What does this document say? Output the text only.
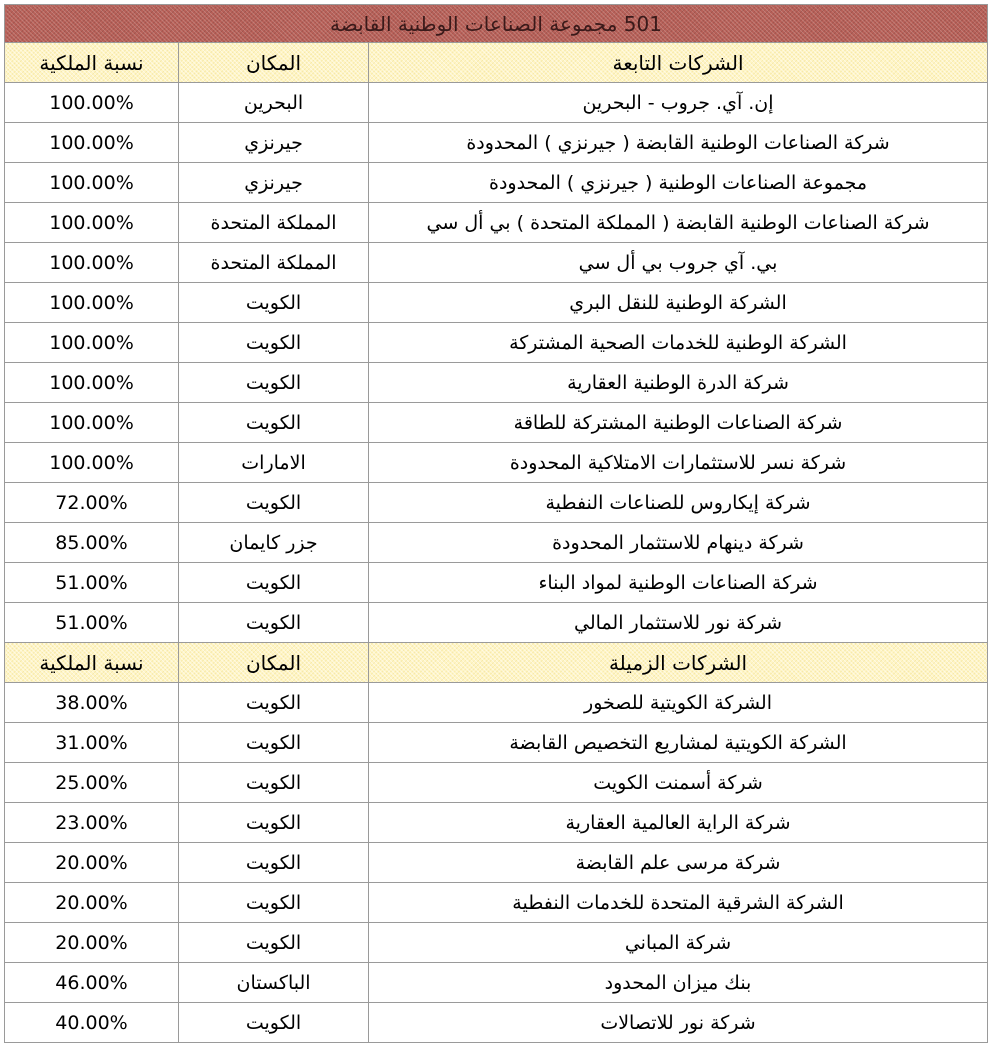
501 مجموعة الصناعات الوطنية القابضة		
الشركات التابعة	المكان	نسبة الملكية
إن. آي. جروب - البحرين	البحرين	100.00%
شركة الصناعات الوطنية القابضة ( جيرنزي ) المحدودة	جيرنزي	100.00%
مجموعة الصناعات الوطنية ( جيرنزي ) المحدودة	جيرنزي	100.00%
شركة الصناعات الوطنية القابضة ( المملكة المتحدة ) بي أل سي	المملكة المتحدة	100.00%
بي. آي جروب بي أل سي	المملكة المتحدة	100.00%
الشركة الوطنية للنقل البري	الكويت	100.00%
الشركة الوطنية للخدمات الصحية المشتركة	الكويت	100.00%
شركة الدرة الوطنية العقارية	الكويت	100.00%
شركة الصناعات الوطنية المشتركة للطاقة	الكويت	100.00%
شركة نسر للاستثمارات الامتلاكية المحدودة	الامارات	100.00%
شركة إيكاروس للصناعات النفطية	الكويت	72.00%
شركة دينهام للاستثمار المحدودة	جزر كايمان	85.00%
شركة الصناعات الوطنية لمواد البناء	الكويت	51.00%
شركة نور للاستثمار المالي	الكويت	51.00%
الشركات الزميلة	المكان	نسبة الملكية
الشركة الكويتية للصخور	الكويت	38.00%
الشركة الكويتية لمشاريع التخصيص القابضة	الكويت	31.00%
شركة أسمنت الكويت	الكويت	25.00%
شركة الراية العالمية العقارية	الكويت	23.00%
شركة مرسى علم القابضة	الكويت	20.00%
الشركة الشرقية المتحدة للخدمات النفطية	الكويت	20.00%
شركة المباني	الكويت	20.00%
بنك ميزان المحدود	الباكستان	46.00%
شركة نور للاتصالات	الكويت	40.00%
